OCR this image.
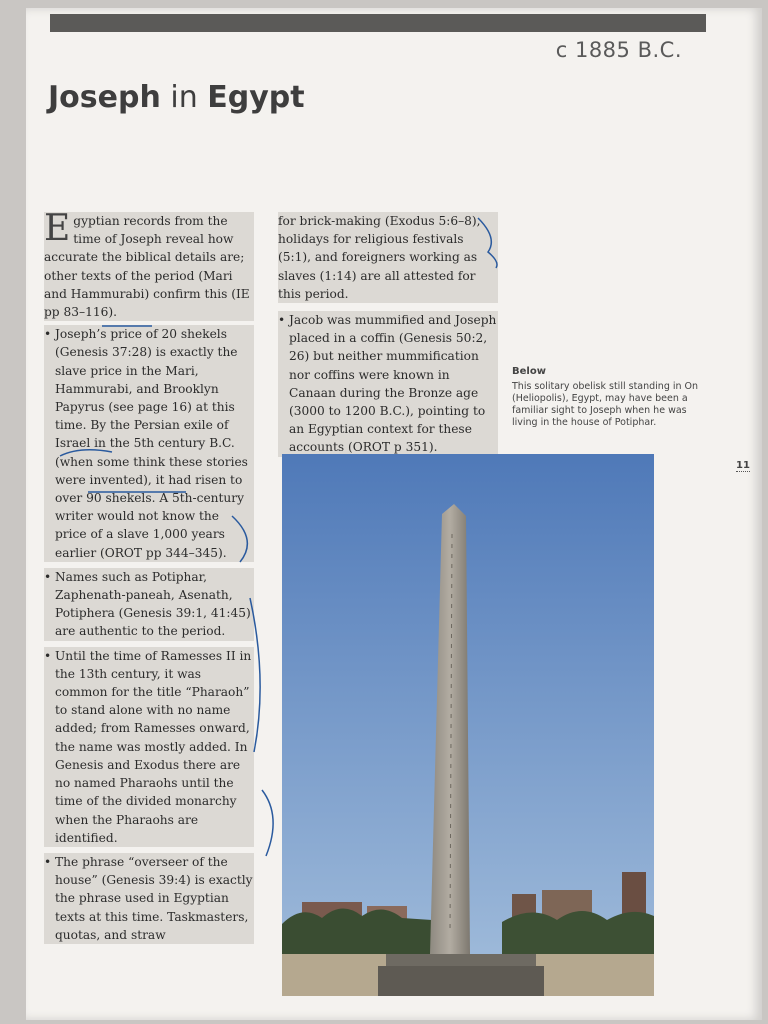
c 1885 B.C.
Joseph in Egypt
E gyptian records from the time of Joseph reveal how accurate the biblical details are; other texts of the period (Mari and Hammurabi) confirm this (IE pp 83–116).
• Joseph’s price of 20 shekels (Genesis 37:28) is exactly the slave price in the Mari, Hammurabi, and Brooklyn Papyrus (see page 16) at this time. By the Persian exile of Israel in the 5th century B.C. (when some think these stories were invented), it had risen to over 90 shekels. A 5th-century writer would not know the price of a slave 1,000 years earlier (OROT pp 344–345).
• Names such as Potiphar, Zaphenath-paneah, Asenath, Potiphera (Genesis 39:1, 41:45) are authentic to the period.
• Until the time of Ramesses II in the 13th century, it was common for the title “Pharaoh” to stand alone with no name added; from Ramesses onward, the name was mostly added. In Genesis and Exodus there are no named Pharaohs until the time of the divided monarchy when the Pharaohs are identified.
• The phrase “overseer of the house” (Genesis 39:4) is exactly the phrase used in Egyptian texts at this time. Taskmasters, quotas, and straw
for brick-making (Exodus 5:6–8), holidays for religious festivals (5:1), and foreigners working as slaves (1:14) are all attested for this period.
• Jacob was mummified and Joseph placed in a coffin (Genesis 50:2, 26) but neither mummification nor coffins were known in Canaan during the Bronze age (3000 to 1200 B.C.), pointing to an Egyptian context for these accounts (OROT p 351).
Below
This solitary obelisk still standing in On (Heliopolis), Egypt, may have been a familiar sight to Joseph when he was living in the house of Potiphar.
11
